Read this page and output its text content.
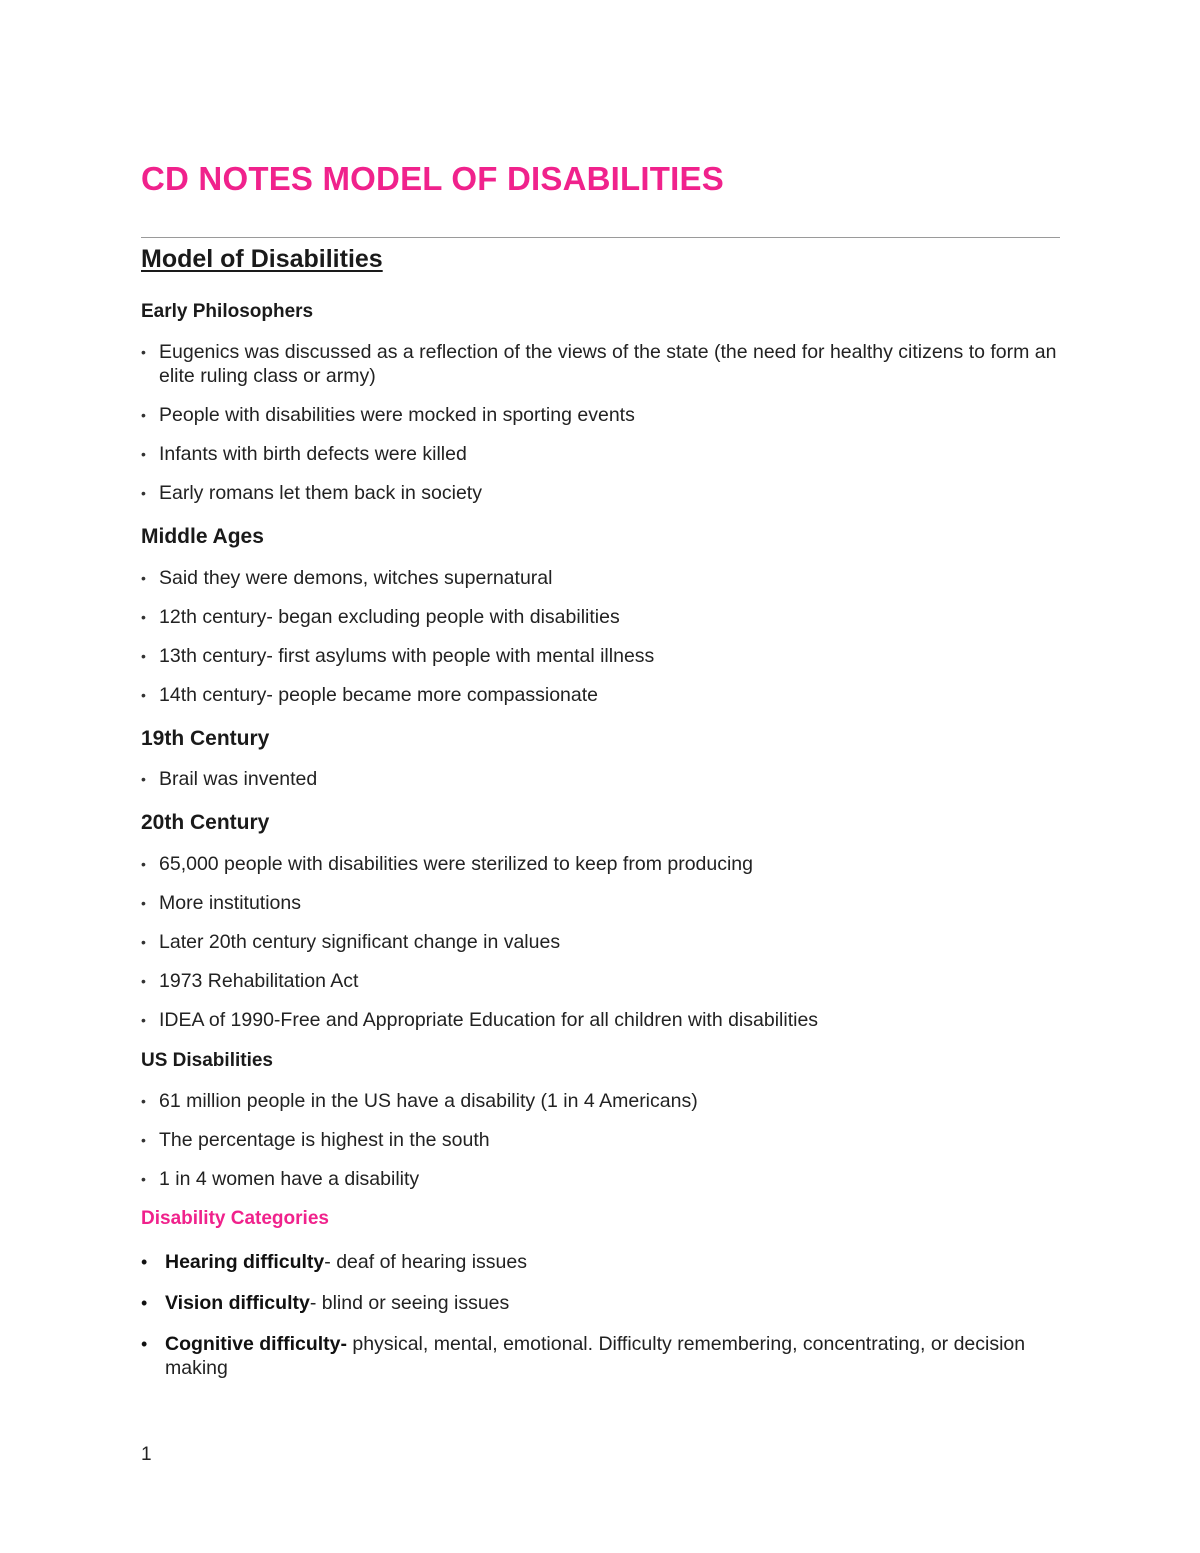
CD NOTES MODEL OF DISABILITIES
Model of Disabilities
Early Philosophers
• Eugenics was discussed as a reflection of the views of the state (the need for healthy citizens to form an elite ruling class or army)
• People with disabilities were mocked in sporting events
• Infants with birth defects were killed
• Early romans let them back in society
Middle Ages
• Said they were demons, witches supernatural
• 12th century- began excluding people with disabilities
• 13th century- first asylums with people with mental illness
• 14th century- people became more compassionate
19th Century
• Brail was invented
20th Century
• 65,000 people with disabilities were sterilized to keep from producing
• More institutions
• Later 20th century significant change in values
• 1973 Rehabilitation Act
• IDEA of 1990-Free and Appropriate Education for all children with disabilities
US Disabilities
• 61 million people in the US have a disability (1 in 4 Americans)
• The percentage is highest in the south
• 1 in 4 women have a disability
Disability Categories
• Hearing difficulty- deaf of hearing issues
• Vision difficulty- blind or seeing issues
• Cognitive difficulty- physical, mental, emotional. Difficulty remembering, concentrating, or decision making

1
